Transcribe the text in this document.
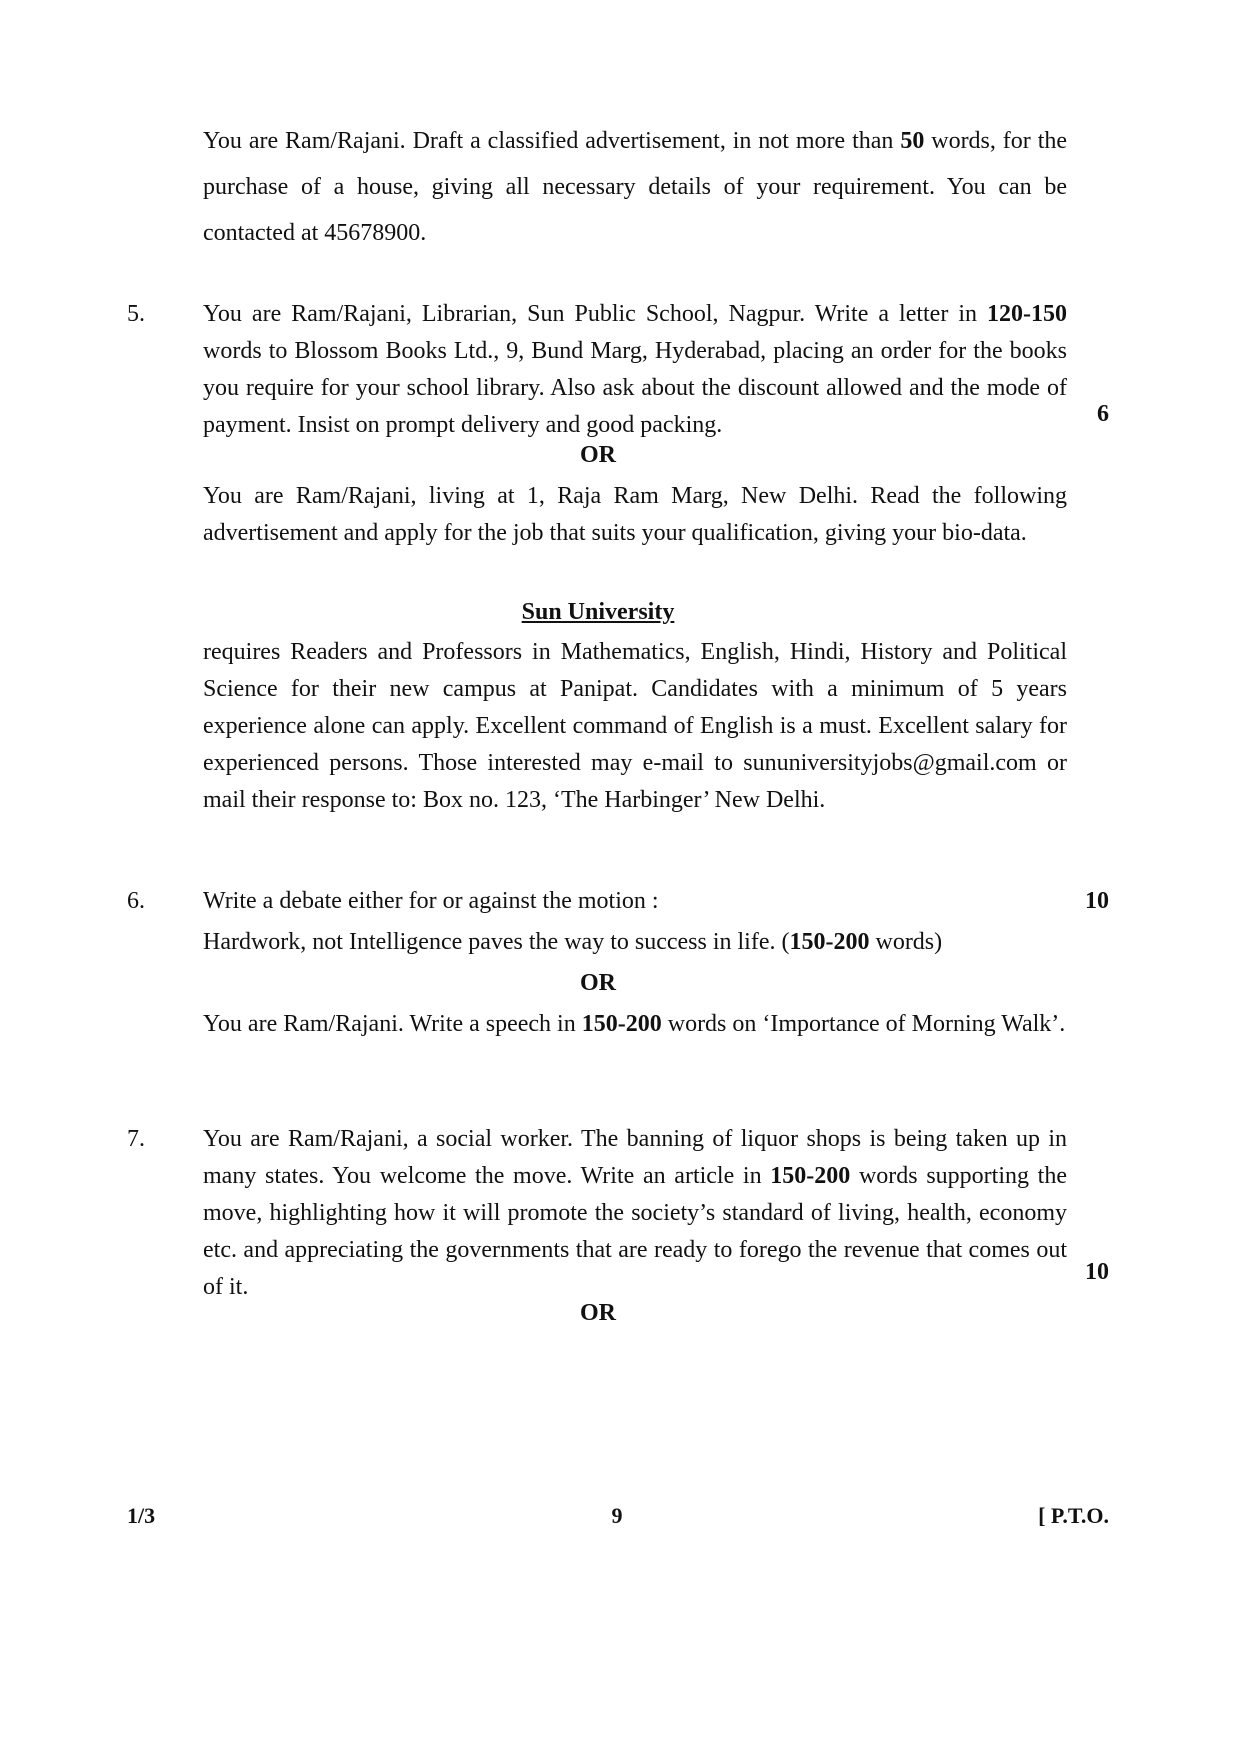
You are Ram/Rajani. Draft a classified advertisement, in not more than 50 words, for the purchase of a house, giving all necessary details of your requirement. You can be contacted at 45678900.
5. You are Ram/Rajani, Librarian, Sun Public School, Nagpur. Write a letter in 120-150 words to Blossom Books Ltd., 9, Bund Marg, Hyderabad, placing an order for the books you require for your school library. Also ask about the discount allowed and the mode of payment. Insist on prompt delivery and good packing.	6
OR
You are Ram/Rajani, living at 1, Raja Ram Marg, New Delhi. Read the following advertisement and apply for the job that suits your qualification, giving your bio-data.
Sun University
requires Readers and Professors in Mathematics, English, Hindi, History and Political Science for their new campus at Panipat. Candidates with a minimum of 5 years experience alone can apply. Excellent command of English is a must. Excellent salary for experienced persons. Those interested may e-mail to sununiversityjobs@gmail.com or mail their response to: Box no. 123, ‘The Harbinger’ New Delhi.
6. Write a debate either for or against the motion :	10
Hardwork, not Intelligence paves the way to success in life. (150-200 words)
OR
You are Ram/Rajani. Write a speech in 150-200 words on ‘Importance of Morning Walk’.
7. You are Ram/Rajani, a social worker. The banning of liquor shops is being taken up in many states. You welcome the move. Write an article in 150-200 words supporting the move, highlighting how it will promote the society’s standard of living, health, economy etc. and appreciating the governments that are ready to forego the revenue that comes out of it.
10
OR
1/3	9	[ P.T.O.
